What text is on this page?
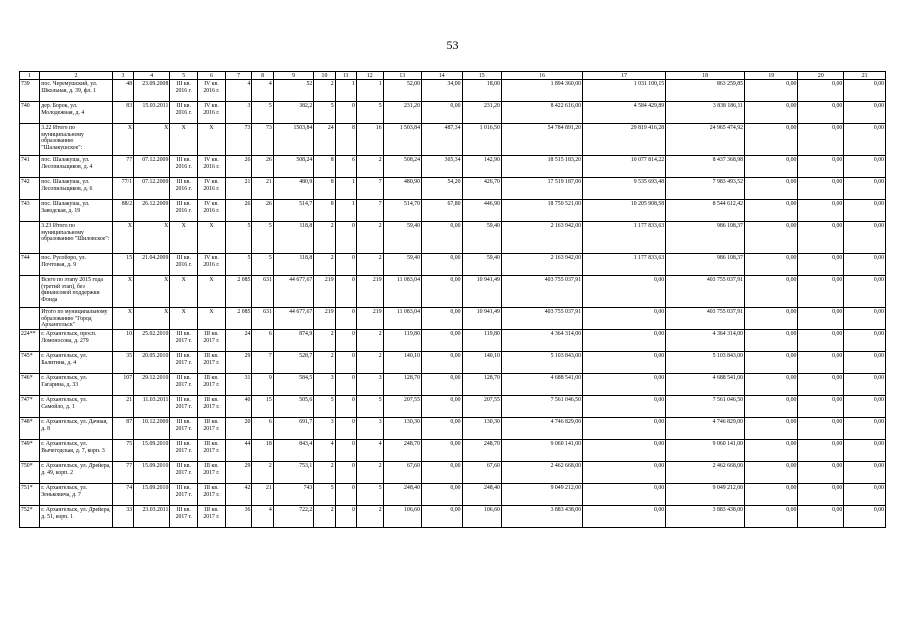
53
1	2	3	4	5	6	7	8	9	10	11	12	13	14	15	16	17	18	19	20	21
739	пос. Черемушский, ул. Школьная, д. 39, фл. 1	48	23.09.2008	III кв. 2016 г.	IV кв. 2016 г.	4	4	52	2	1	1	52,00	34,00	18,00	1 894 360,00	1 031 100,15	863 259,85	0,00	0,00	0,00
740	дер. Борок, ул. Молодежная, д. 4	83	15.03.2011	III кв. 2016 г.	IV кв. 2016 г.	3	5	382,2	5	0	5	231,20	0,00	231,20	8 422 616,00	4 584 429,89	3 838 186,11	0,00	0,00	0,00
	3.22 Итого по муниципальному образованию "Шалакушское":	X	X	X	X	73	73	1503,84	24	8	16	1 503,84	487,34	1 016,50	54 784 891,20	29 819 416,28	24 965 474,92	0,00	0,00	0,00
741	пос. Шалакуша, ул. Лесопильщиков, д. 4	77	07.12.2009	III кв. 2016 г.	IV кв. 2016 г.	26	26	508,24	8	6	2	508,24	365,34	142,90	18 515 183,20	10 077 814,22	8 437 368,98	0,00	0,00	0,00
742	пос. Шалакуша, ул. Лесопильщиков, д. 6	77/1	07.12.2009	III кв. 2016 г.	IV кв. 2016 г.	21	21	480,9	8	1	7	480,90	54,20	426,70	17 519 187,00	9 535 693,48	7 983 493,52	0,00	0,00	0,00
743	пос. Шалакуша, ул. Заводская, д. 19	88/2	26.12.2009	III кв. 2016 г.	IV кв. 2016 г.	26	26	514,7	8	1	7	514,70	67,80	446,90	18 750 521,00	10 205 908,58	8 544 612,42	0,00	0,00	0,00
	3.23 Итого по муниципальному образованию "Шиловское":	X	X	X	X	5	5	118,8	2	0	2	59,40	0,00	59,40	2 163 942,00	1 177 833,63	986 108,37	0,00	0,00	0,00
744	пос. Русоборо, ул. Почтовая, д. 9	15	21.04.2009	III кв. 2016 г.	IV кв. 2016 г.	5	5	118,8	2	0	2	59,40	0,00	59,40	2 163 942,00	1 177 833,63	986 108,37	0,00	0,00	0,00
	Всего по этапу 2015 года (третий этап), без финансовой поддержки Фонда	X	X	X	X	2 085	631	44 677,67	219	0	219	11 083,04	0,00	10 941,49	403 755 037,91	0,00	403 755 037,91	0,00	0,00	0,00
	Итого по муниципальному образованию "Город Архангельск"	X	X	X	X	2 085	631	44 677,67	219	0	219	11 083,04	0,00	10 941,49	403 755 037,91	0,00	403 755 037,91	0,00	0,00	0,00
224**	г. Архангельск, просп. Ломоносова, д. 279	10	25.02.2010	III кв. 2017 г.	III кв. 2017 г.	24	6	874,9	2	0	2	119,80	0,00	119,80	4 364 314,00	0,00	4 364 314,00	0,00	0,00	0,00
745*	г. Архангельск, ул. Балитина, д. 4	35	20.05.2010	III кв. 2017 г.	III кв. 2017 г.	29	7	528,7	2	0	2	140,10	0,00	140,10	5 103 843,00	0,00	5 103 843,00	0,00	0,00	0,00
746*	г. Архангельск, ул. Гагарина, д. 33	107	29.12.2010	III кв. 2017 г.	III кв. 2017 г.	31	9	584,5	3	0	3	128,70	0,00	128,70	4 688 541,00	0,00	4 688 541,00	0,00	0,00	0,00
747*	г. Архангельск, ул. Самойло, д. 1	21	11.03.2011	III кв. 2017 г.	III кв. 2017 г.	40	15	505,6	5	0	5	207,55	0,00	207,55	7 561 046,50	0,00	7 561 046,50	0,00	0,00	0,00
748*	г. Архангельск, ул. Дачная, д. 8	87	10.12.2009	III кв. 2017 г.	III кв. 2017 г.	20	6	691,7	3	0	3	130,30	0,00	130,30	4 746 829,00	0,00	4 746 829,00	0,00	0,00	0,00
749*	г. Архангельск, ул. Вычегодская, д. 7, корп. 3	75	15.09.2010	III кв. 2017 г.	III кв. 2017 г.	44	18	843,4	4	0	4	248,70	0,00	248,70	9 060 141,00	0,00	9 060 141,00	0,00	0,00	0,00
750*	г. Архангельск, ул. Дрейера, д. 49, корп. 2	77	15.09.2010	III кв. 2017 г.	III кв. 2017 г.	29	2	753,1	2	0	2	67,60	0,00	67,60	2 462 668,00	0,00	2 462 668,00	0,00	0,00	0,00
751*	г. Архангельск, ул. Зеньковича, д. 7	74	15.09.2010	III кв. 2017 г.	III кв. 2017 г.	42	21	743	5	0	5	248,40	0,00	248,40	9 049 212,00	0,00	9 049 212,00	0,00	0,00	0,00
752*	г. Архангельск, ул. Дрейера, д. 51, корп. 1	33	23.03.2011	III кв. 2017 г.	III кв. 2017 г.	36	4	722,2	2	0	2	106,60	0,00	106,60	3 883 438,00	0,00	3 883 438,00	0,00	0,00	0,00
